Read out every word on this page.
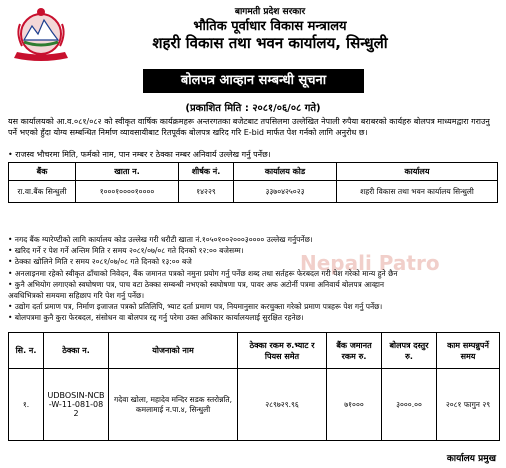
बागमती प्रदेश सरकार
भौतिक पूर्वाधार विकास मन्त्रालय
शहरी विकास तथा भवन कार्यालय, सिन्धुली
बोलपत्र आव्हान सम्बन्धी सूचना
(प्रकाशित मिति : २०८१/०६/०८ गते)
यस कार्यालयको आ.व.०८१/०८२ को स्वीकृत वार्षिक कार्यक्रमहरू अन्तरगतका बजेटबाट तपसिलमा उल्लेखित नेपाली रुपैया बराबरको कार्यहरु बोलपत्र माध्यमद्वारा गराउनु पर्ने भएको हुँदा योग्य सम्बन्धित निर्माण व्यावसायीबाट रितपूर्वक बोलपत्र खरिद गरि E-bid मार्फत पेश गर्नको लागि अनुरोध छ।
• राजस्व भौचरमा मिति, फर्मको नाम, पान नम्बर र ठेक्का नम्बर अनिवार्य उल्लेख गर्नु पर्नेछ।
बैंक	खाता न.	शीर्षक नं.	कार्यालय कोड	कार्यालय
रा.वा.बैंक सिन्धुली	१०००१००००१००००	१४२२९	३३७०४२५०२३	शहरी विकास तथा भवन कार्यालय सिन्धुली
Nepali Patro
• नगद बैंक ग्यारेण्टीको लागि कार्यालय कोड उल्लेख गरी धरौटी खाता नं.१०५०१००२०००३०००० उल्लेख गर्नुपर्नेछ।
• खरिद गर्ने र पेश गर्ने अन्तिम मिति र समय २०८१/०७/०८ गते दिनको १२:०० बजेसम्म।
• ठेक्का खोलिने मिति र समय २०८१/०७/०८ गते दिनको १३:०० बजे
• अनलाइनमा रहेको स्वीकृत ढाँचाको निवेदन, बैंक जमानत पत्रको नमुना प्रयोग गर्नु पर्नेछ शब्द तथा सर्तहरू फेरबदल गरी पेश गरेको मान्य हुने छैन
• कुनै अभियोग लगाएको स्वघोषणा पत्र, पाच वटा ठेक्का सम्बन्धी नभएको स्वघोषणा पत्र, पावर अफ अटोर्नी पत्रमा अनिवार्य बोलपत्र आव्हान
अवधिभित्रको समयमा सहिछाप गरि पेश गर्नु पर्नेछ।
• उद्योग दर्ता प्रमाण पत्र, निर्माण इजाजत पत्रको प्रतिलिपि, भ्याट दर्ता प्रमाण पत्र, नियमानुसार करचुक्ता गरेको प्रमाण पत्रहरू पेश गर्नु पर्नेछ।
• बोलपत्रमा कुनै कुरा फेरबदल, संसोधन वा बोलपत्र रद्द गर्नु परेमा उक्त अधिकार कार्यालयलाई सुरक्षित रहनेछ।
सि. न.	ठेक्का न.	योजनाको नाम	ठेक्का रकम रु.भ्याट र पियस समेत	बैंक जमानत रकम रु.	बोलपत्र दस्तुर रु.	काम सम्पन्नुपर्ने समय
१.	UDBOSIN-NCB-W-11-081-082	गदेवा खोला, महादेव मन्दिर सडक स्तरोन्नति, कमलामाई न.पा.४, सिन्धुली	२८९७२९.९६	७१०००	३०००.००	२०८१ फागुन २९
कार्यालय प्रमुख
